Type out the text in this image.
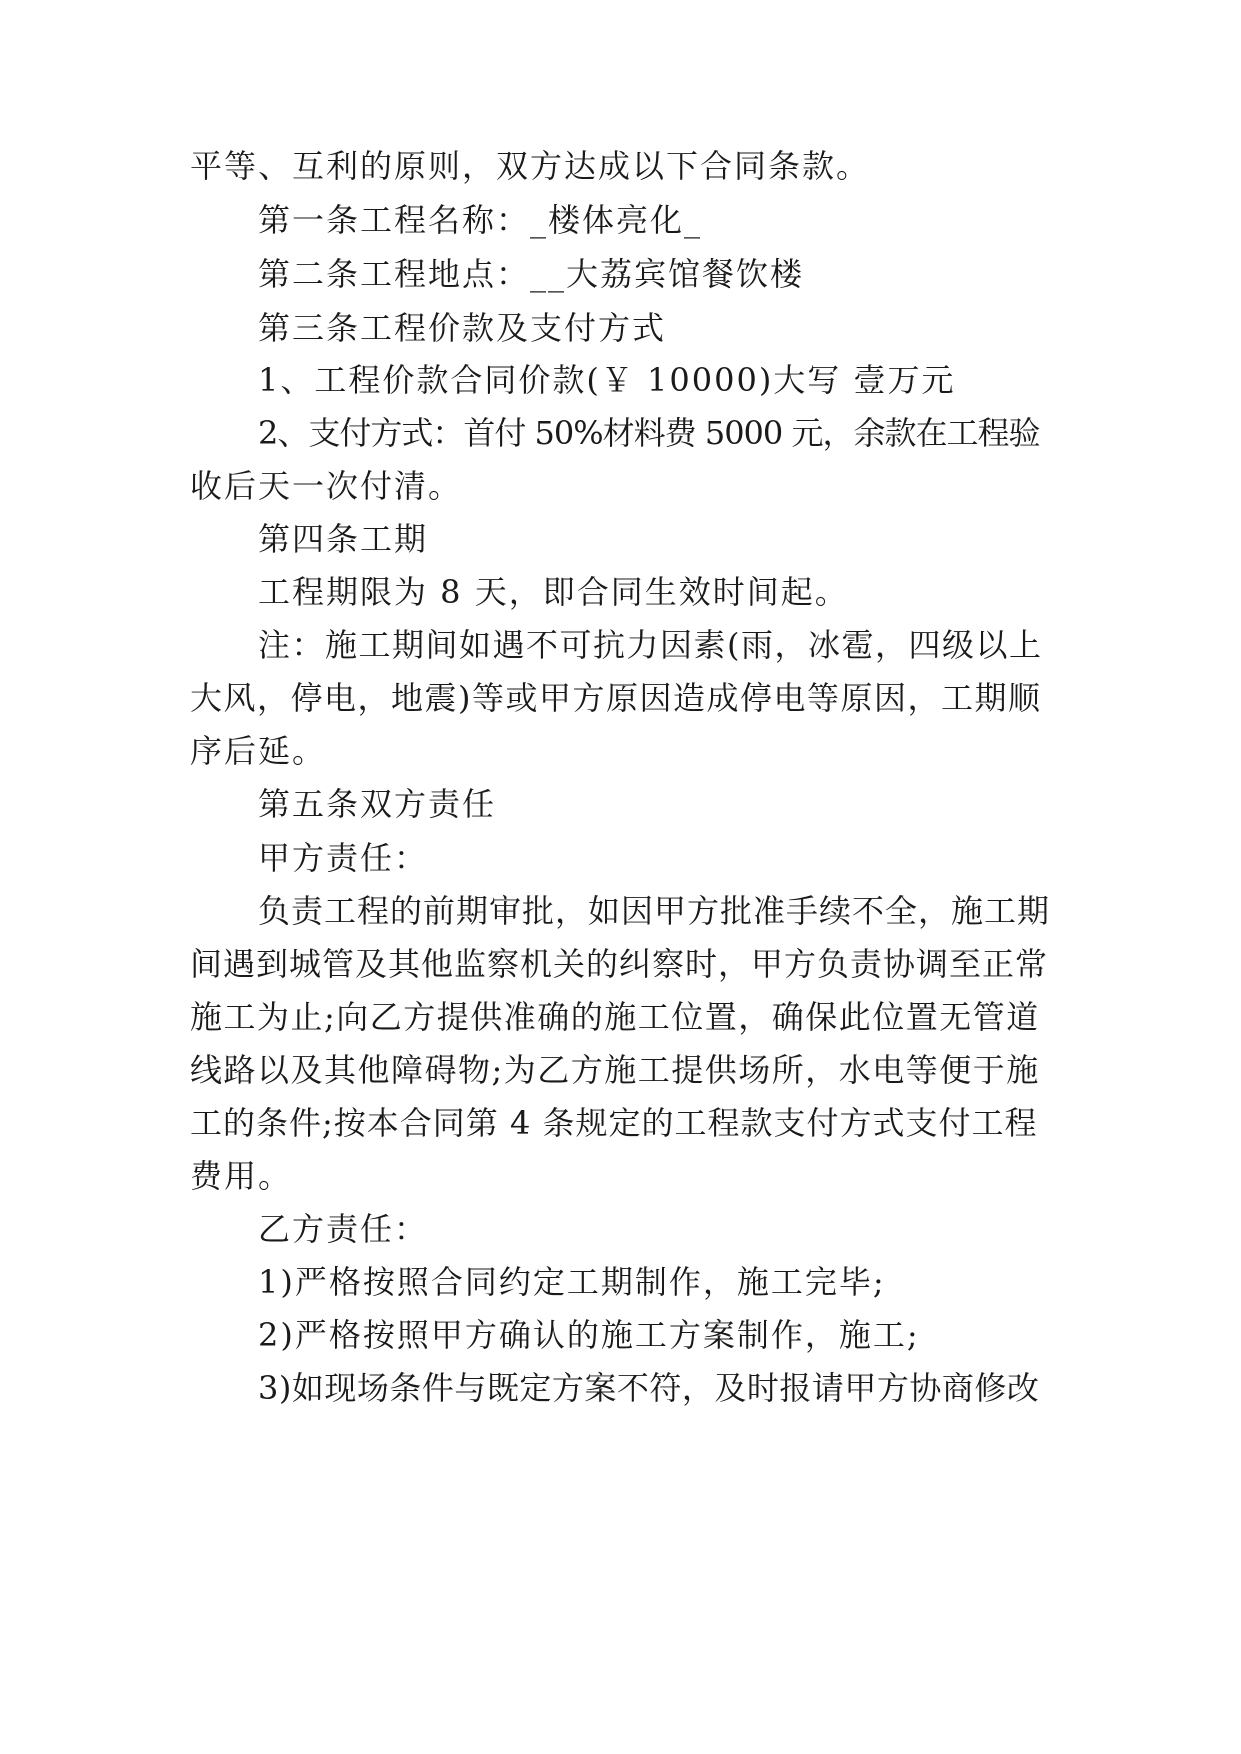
平等、互利的原则，双方达成以下合同条款。
第一条工程名称：_楼体亮化_
第二条工程地点：__大荔宾馆餐饮楼
第三条工程价款及支付方式
1、工程价款合同价款(￥ 10000)大写 壹万元
2、支付方式：首付 50%材料费 5000 元，余款在工程验
收后天一次付清。
第四条工期
工程期限为 8 天，即合同生效时间起。
注：施工期间如遇不可抗力因素(雨，冰雹，四级以上
大风，停电，地震)等或甲方原因造成停电等原因，工期顺
序后延。
第五条双方责任
甲方责任：
负责工程的前期审批，如因甲方批准手续不全，施工期
间遇到城管及其他监察机关的纠察时，甲方负责协调至正常
施工为止;向乙方提供准确的施工位置，确保此位置无管道
线路以及其他障碍物;为乙方施工提供场所，水电等便于施
工的条件;按本合同第 4 条规定的工程款支付方式支付工程
费用。
乙方责任：
1)严格按照合同约定工期制作，施工完毕;
2)严格按照甲方确认的施工方案制作，施工;
3)如现场条件与既定方案不符，及时报请甲方协商修改
